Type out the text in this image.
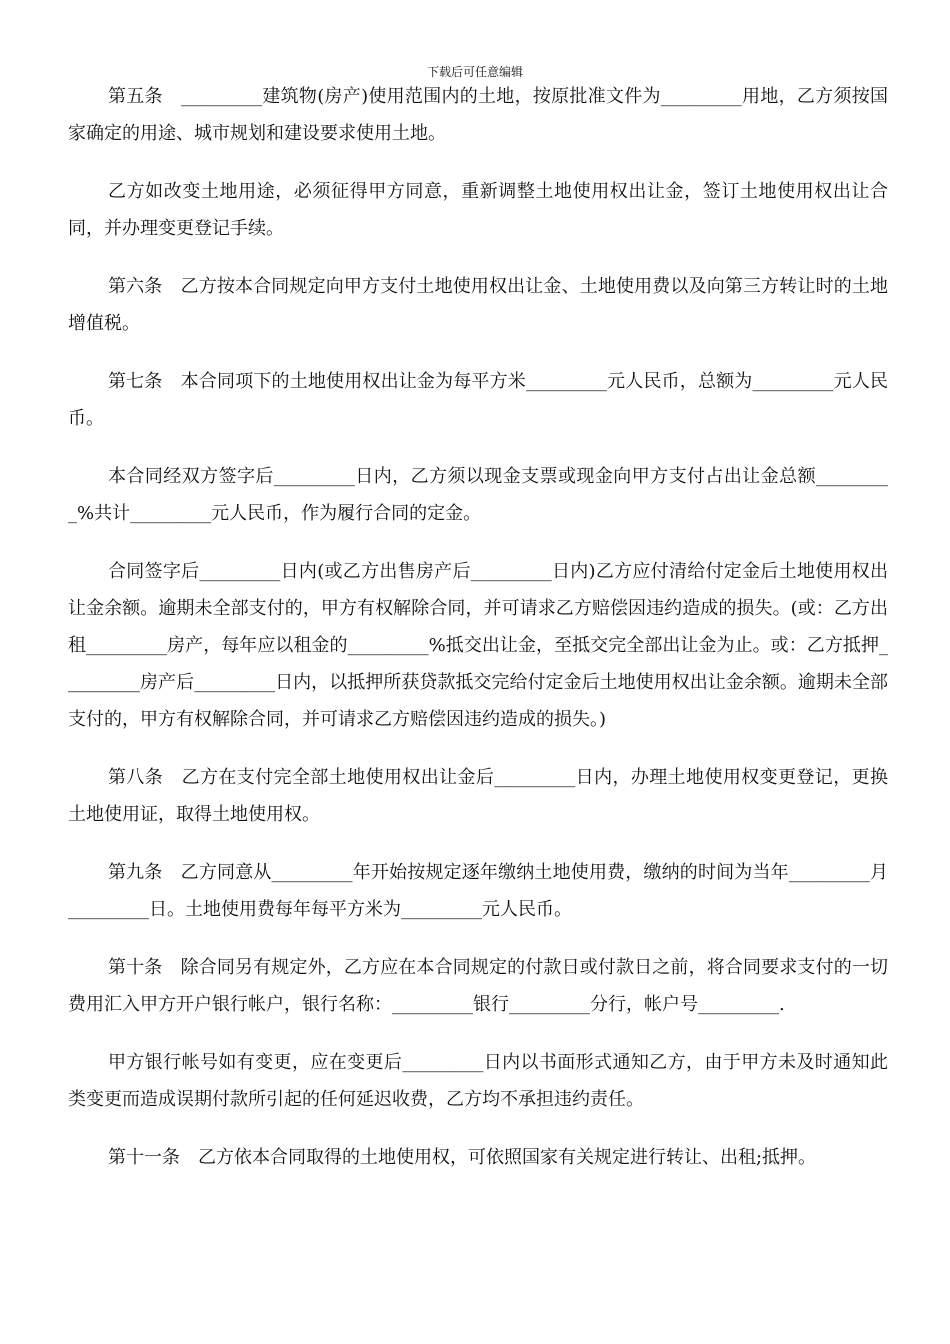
下载后可任意编辑

第五条　_________建筑物(房产)使用范围内的土地，按原批准文件为_________用地，乙方须按国家确定的用途、城市规划和建设要求使用土地。

乙方如改变土地用途，必须征得甲方同意，重新调整土地使用权出让金，签订土地使用权出让合同，并办理变更登记手续。

第六条　乙方按本合同规定向甲方支付土地使用权出让金、土地使用费以及向第三方转让时的土地增值税。

第七条　本合同项下的土地使用权出让金为每平方米_________元人民币，总额为_________元人民币。

本合同经双方签字后_________日内，乙方须以现金支票或现金向甲方支付占出让金总额_________%共计_________元人民币，作为履行合同的定金。

合同签字后_________日内(或乙方出售房产后_________日内)乙方应付清给付定金后土地使用权出让金余额。逾期未全部支付的，甲方有权解除合同，并可请求乙方赔偿因违约造成的损失。(或：乙方出租_________房产，每年应以租金的_________%抵交出让金，至抵交完全部出让金为止。或：乙方抵押_________房产后_________日内，以抵押所获贷款抵交完给付定金后土地使用权出让金余额。逾期未全部支付的，甲方有权解除合同，并可请求乙方赔偿因违约造成的损失。)

第八条　乙方在支付完全部土地使用权出让金后_________日内，办理土地使用权变更登记，更换土地使用证，取得土地使用权。

第九条　乙方同意从_________年开始按规定逐年缴纳土地使用费，缴纳的时间为当年_________月_________日。土地使用费每年每平方米为_________元人民币。

第十条　除合同另有规定外，乙方应在本合同规定的付款日或付款日之前，将合同要求支付的一切费用汇入甲方开户银行帐户，银行名称：_________银行_________分行，帐户号_________.

甲方银行帐号如有变更，应在变更后_________日内以书面形式通知乙方，由于甲方未及时通知此类变更而造成误期付款所引起的任何延迟收费，乙方均不承担违约责任。

第十一条　乙方依本合同取得的土地使用权，可依照国家有关规定进行转让、出租;抵押。
